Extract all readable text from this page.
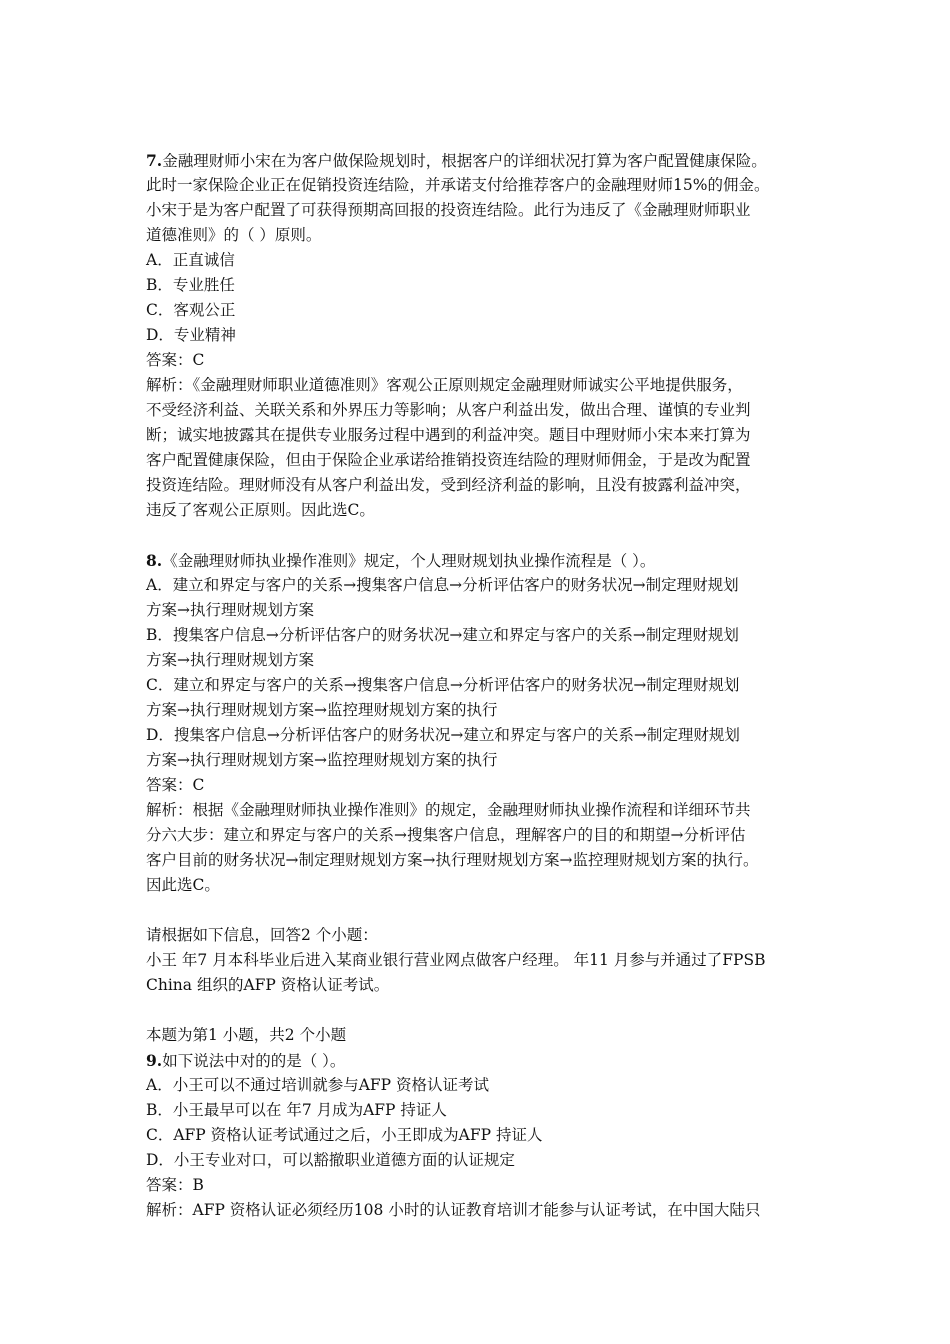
7.金融理财师小宋在为客户做保险规划时，根据客户的详细状况打算为客户配置健康保险。
此时一家保险企业正在促销投资连结险，并承诺支付给推荐客户的金融理财师15%的佣金。
小宋于是为客户配置了可获得预期高回报的投资连结险。此行为违反了《金融理财师职业
道德准则》的（ ）原则。
A．正直诚信
B．专业胜任
C．客观公正
D．专业精神
答案：C
解析：《金融理财师职业道德准则》客观公正原则规定金融理财师诚实公平地提供服务，
不受经济利益、关联关系和外界压力等影响；从客户利益出发，做出合理、谨慎的专业判
断；诚实地披露其在提供专业服务过程中遇到的利益冲突。题目中理财师小宋本来打算为
客户配置健康保险，但由于保险企业承诺给推销投资连结险的理财师佣金，于是改为配置
投资连结险。理财师没有从客户利益出发，受到经济利益的影响，且没有披露利益冲突，
违反了客观公正原则。因此选C。
8.《金融理财师执业操作准则》规定，个人理财规划执业操作流程是（ ）。
A．建立和界定与客户的关系→搜集客户信息→分析评估客户的财务状况→制定理财规划
方案→执行理财规划方案
B．搜集客户信息→分析评估客户的财务状况→建立和界定与客户的关系→制定理财规划
方案→执行理财规划方案
C．建立和界定与客户的关系→搜集客户信息→分析评估客户的财务状况→制定理财规划
方案→执行理财规划方案→监控理财规划方案的执行
D．搜集客户信息→分析评估客户的财务状况→建立和界定与客户的关系→制定理财规划
方案→执行理财规划方案→监控理财规划方案的执行
答案：C
解析：根据《金融理财师执业操作准则》的规定，金融理财师执业操作流程和详细环节共
分六大步：建立和界定与客户的关系→搜集客户信息，理解客户的目的和期望→分析评估
客户目前的财务状况→制定理财规划方案→执行理财规划方案→监控理财规划方案的执行。
因此选C。
请根据如下信息，回答2 个小题：
小王 年7 月本科毕业后进入某商业银行营业网点做客户经理。 年11 月参与并通过了FPSB
China 组织的AFP 资格认证考试。
本题为第1 小题，共2 个小题
9.如下说法中对的的是（ ）。
A．小王可以不通过培训就参与AFP 资格认证考试
B．小王最早可以在 年7 月成为AFP 持证人
C．AFP 资格认证考试通过之后，小王即成为AFP 持证人
D．小王专业对口，可以豁撤职业道德方面的认证规定
答案：B
解析：AFP 资格认证必须经历108 小时的认证教育培训才能参与认证考试，在中国大陆只
